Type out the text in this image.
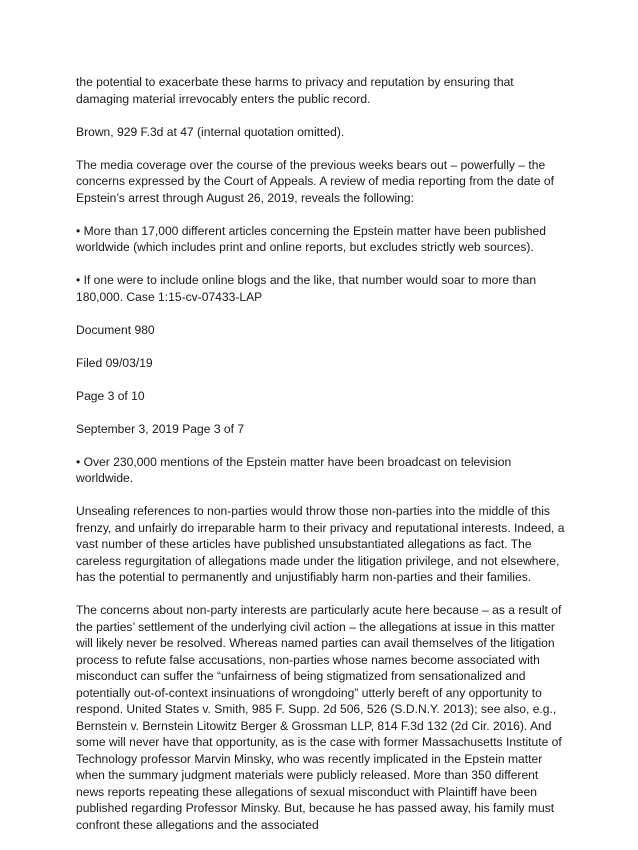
the potential to exacerbate these harms to privacy and reputation by ensuring that damaging material irrevocably enters the public record.

Brown, 929 F.3d at 47 (internal quotation omitted).

The media coverage over the course of the previous weeks bears out – powerfully – the concerns expressed by the Court of Appeals. A review of media reporting from the date of Epstein’s arrest through August 26, 2019, reveals the following:

• More than 17,000 different articles concerning the Epstein matter have been published worldwide (which includes print and online reports, but excludes strictly web sources).

• If one were to include online blogs and the like, that number would soar to more than 180,000. Case 1:15-cv-07433-LAP

Document 980

Filed 09/03/19

Page 3 of 10

September 3, 2019 Page 3 of 7

• Over 230,000 mentions of the Epstein matter have been broadcast on television worldwide.

Unsealing references to non-parties would throw those non-parties into the middle of this frenzy, and unfairly do irreparable harm to their privacy and reputational interests. Indeed, a vast number of these articles have published unsubstantiated allegations as fact. The careless regurgitation of allegations made under the litigation privilege, and not elsewhere, has the potential to permanently and unjustifiably harm non-parties and their families.

The concerns about non-party interests are particularly acute here because – as a result of the parties’ settlement of the underlying civil action – the allegations at issue in this matter will likely never be resolved. Whereas named parties can avail themselves of the litigation process to refute false accusations, non-parties whose names become associated with misconduct can suffer the “unfairness of being stigmatized from sensationalized and potentially out-of-context insinuations of wrongdoing” utterly bereft of any opportunity to respond. United States v. Smith, 985 F. Supp. 2d 506, 526 (S.D.N.Y. 2013); see also, e.g., Bernstein v. Bernstein Litowitz Berger & Grossman LLP, 814 F.3d 132 (2d Cir. 2016). And some will never have that opportunity, as is the case with former Massachusetts Institute of Technology professor Marvin Minsky, who was recently implicated in the Epstein matter when the summary judgment materials were publicly released. More than 350 different news reports repeating these allegations of sexual misconduct with Plaintiff have been published regarding Professor Minsky. But, because he has passed away, his family must confront these allegations and the associated
